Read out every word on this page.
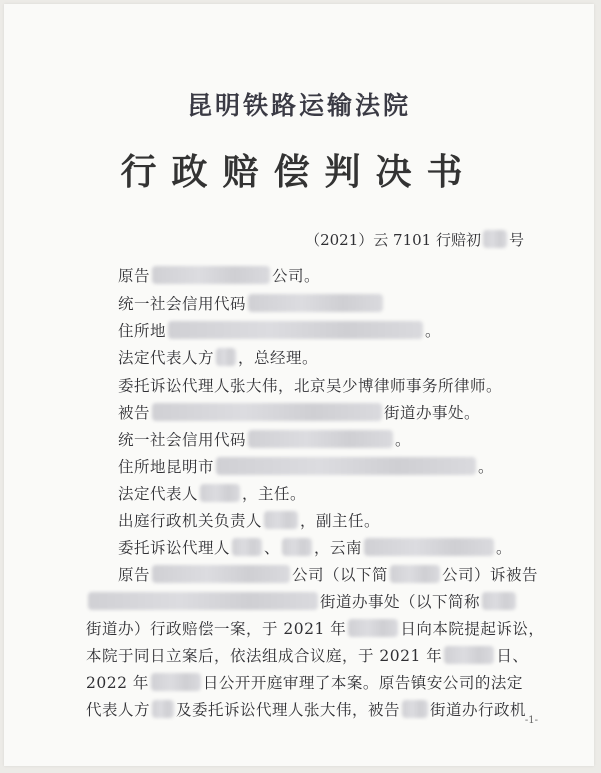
昆明铁路运输法院
行政赔偿判决书
（2021）云 7101 行赔初 号
原告	公司。
统一社会信用代码
住所地	。
法定代表人方 ，总经理。
委托诉讼代理人张大伟，北京吴少博律师事务所律师。
被告	街道办事处。
统一社会信用代码	。
住所地昆明市	。
法定代表人	，主任。
出庭行政机关负责人 ，副主任。
委托诉讼代理人 、 ，云南	。
原告	公司（以下简	公司）诉被告
街道办事处（以下简称
街道办）行政赔偿一案，于 2021 年	日向本院提起诉讼，
本院于同日立案后，依法组成合议庭，于 2021 年	日、
2022 年	日公开开庭审理了本案。原告镇安公司的法定
代表人方 及委托诉讼代理人张大伟，被告 街道办行政机
-1-
